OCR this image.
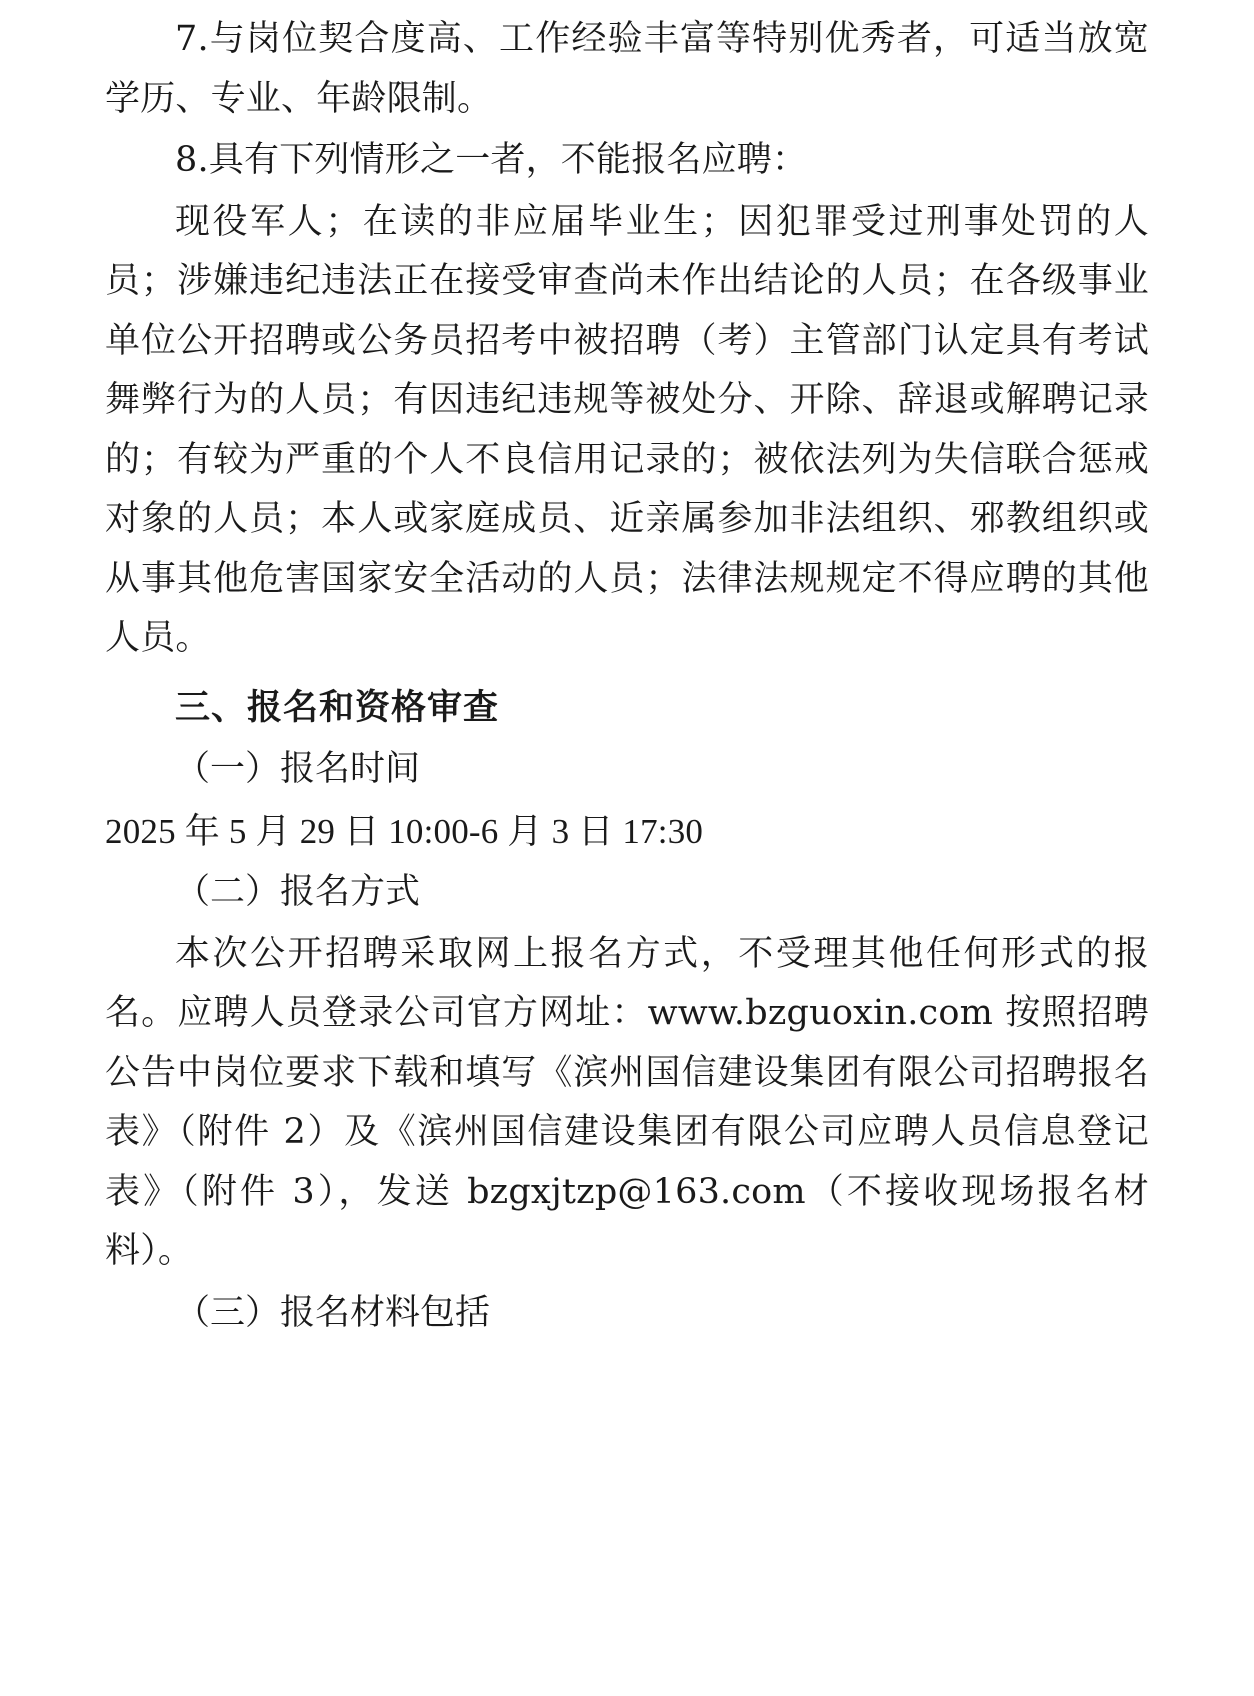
7.与岗位契合度高、工作经验丰富等特别优秀者，可适当放宽学历、专业、年龄限制。

8.具有下列情形之一者，不能报名应聘：

现役军人；在读的非应届毕业生；因犯罪受过刑事处罚的人员；涉嫌违纪违法正在接受审查尚未作出结论的人员；在各级事业单位公开招聘或公务员招考中被招聘（考）主管部门认定具有考试舞弊行为的人员；有因违纪违规等被处分、开除、辞退或解聘记录的；有较为严重的个人不良信用记录的；被依法列为失信联合惩戒对象的人员；本人或家庭成员、近亲属参加非法组织、邪教组织或从事其他危害国家安全活动的人员；法律法规规定不得应聘的其他人员。

三、报名和资格审查

（一）报名时间

2025 年 5 月 29 日 10:00-6 月 3 日 17:30

（二）报名方式

本次公开招聘采取网上报名方式，不受理其他任何形式的报名。应聘人员登录公司官方网址：www.bzguoxin.com 按照招聘公告中岗位要求下载和填写《滨州国信建设集团有限公司招聘报名表》（附件 2）及《滨州国信建设集团有限公司应聘人员信息登记表》（附件 3），发送 bzgxjtzp@163.com（不接收现场报名材料）。

（三）报名材料包括
